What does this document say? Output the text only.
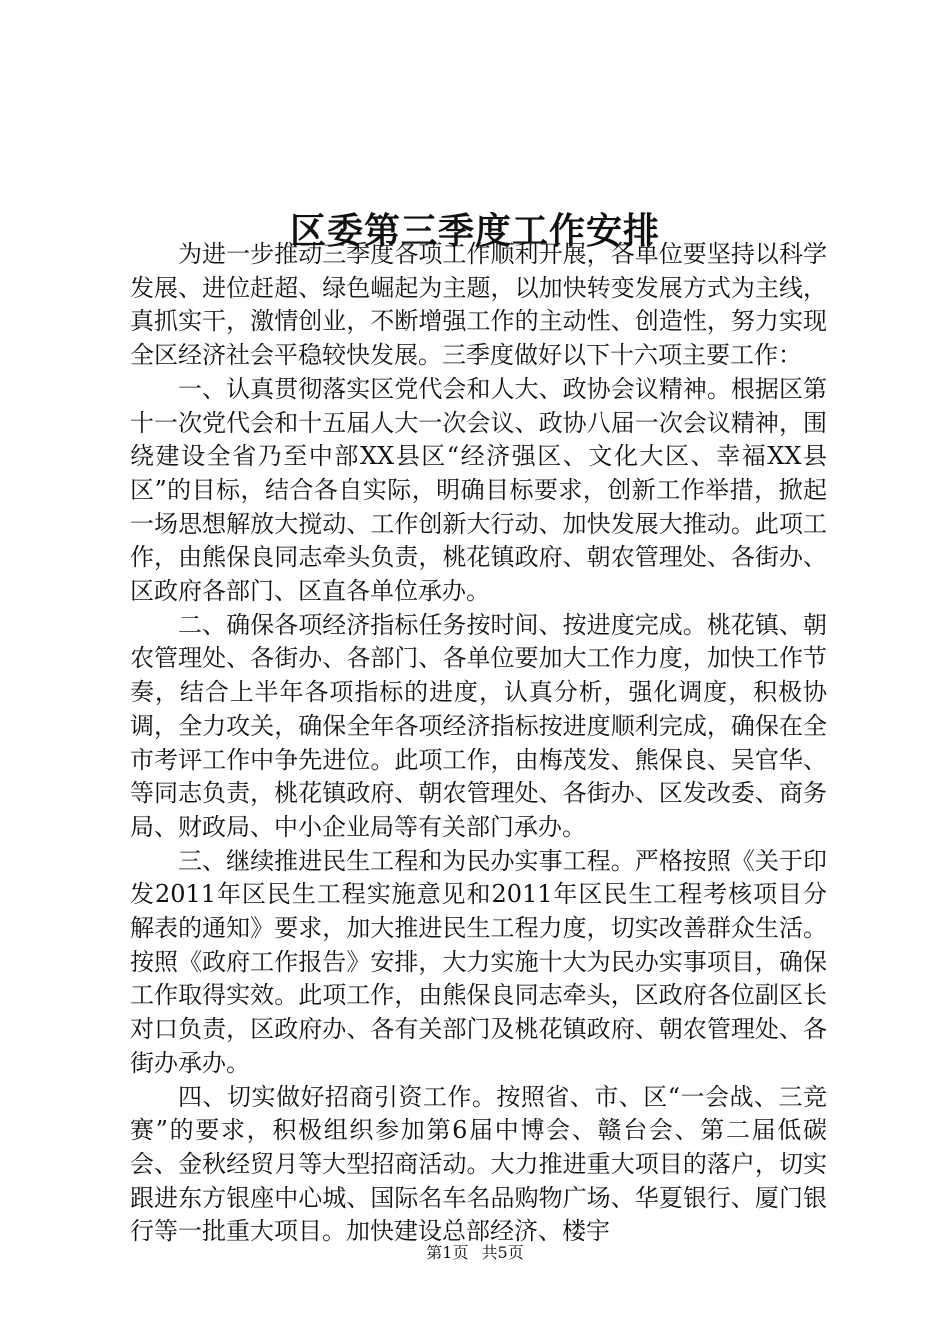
区委第三季度工作安排

为进一步推动三季度各项工作顺利开展，各单位要坚持以科学发展、进位赶超、绿色崛起为主题，以加快转变发展方式为主线，真抓实干，激情创业，不断增强工作的主动性、创造性，努力实现全区经济社会平稳较快发展。三季度做好以下十六项主要工作：

一、认真贯彻落实区党代会和人大、政协会议精神。根据区第十一次党代会和十五届人大一次会议、政协八届一次会议精神，围绕建设全省乃至中部XX县区“经济强区、文化大区、幸福XX县区”的目标，结合各自实际，明确目标要求，创新工作举措，掀起一场思想解放大搅动、工作创新大行动、加快发展大推动。此项工作，由熊保良同志牵头负责，桃花镇政府、朝农管理处、各街办、区政府各部门、区直各单位承办。

二、确保各项经济指标任务按时间、按进度完成。桃花镇、朝农管理处、各街办、各部门、各单位要加大工作力度，加快工作节奏，结合上半年各项指标的进度，认真分析，强化调度，积极协调，全力攻关，确保全年各项经济指标按进度顺利完成，确保在全市考评工作中争先进位。此项工作，由梅茂发、熊保良、吴官华、等同志负责，桃花镇政府、朝农管理处、各街办、区发改委、商务局、财政局、中小企业局等有关部门承办。

三、继续推进民生工程和为民办实事工程。严格按照《关于印发2011年区民生工程实施意见和2011年区民生工程考核项目分解表的通知》要求，加大推进民生工程力度，切实改善群众生活。按照《政府工作报告》安排，大力实施十大为民办实事项目，确保工作取得实效。此项工作，由熊保良同志牵头，区政府各位副区长对口负责，区政府办、各有关部门及桃花镇政府、朝农管理处、各街办承办。

四、切实做好招商引资工作。按照省、市、区“一会战、三竞赛”的要求，积极组织参加第6届中博会、赣台会、第二届低碳会、金秋经贸月等大型招商活动。大力推进重大项目的落户，切实跟进东方银座中心城、国际名车名品购物广场、华夏银行、厦门银行等一批重大项目。加快建设总部经济、楼宇

第1页 共5页
